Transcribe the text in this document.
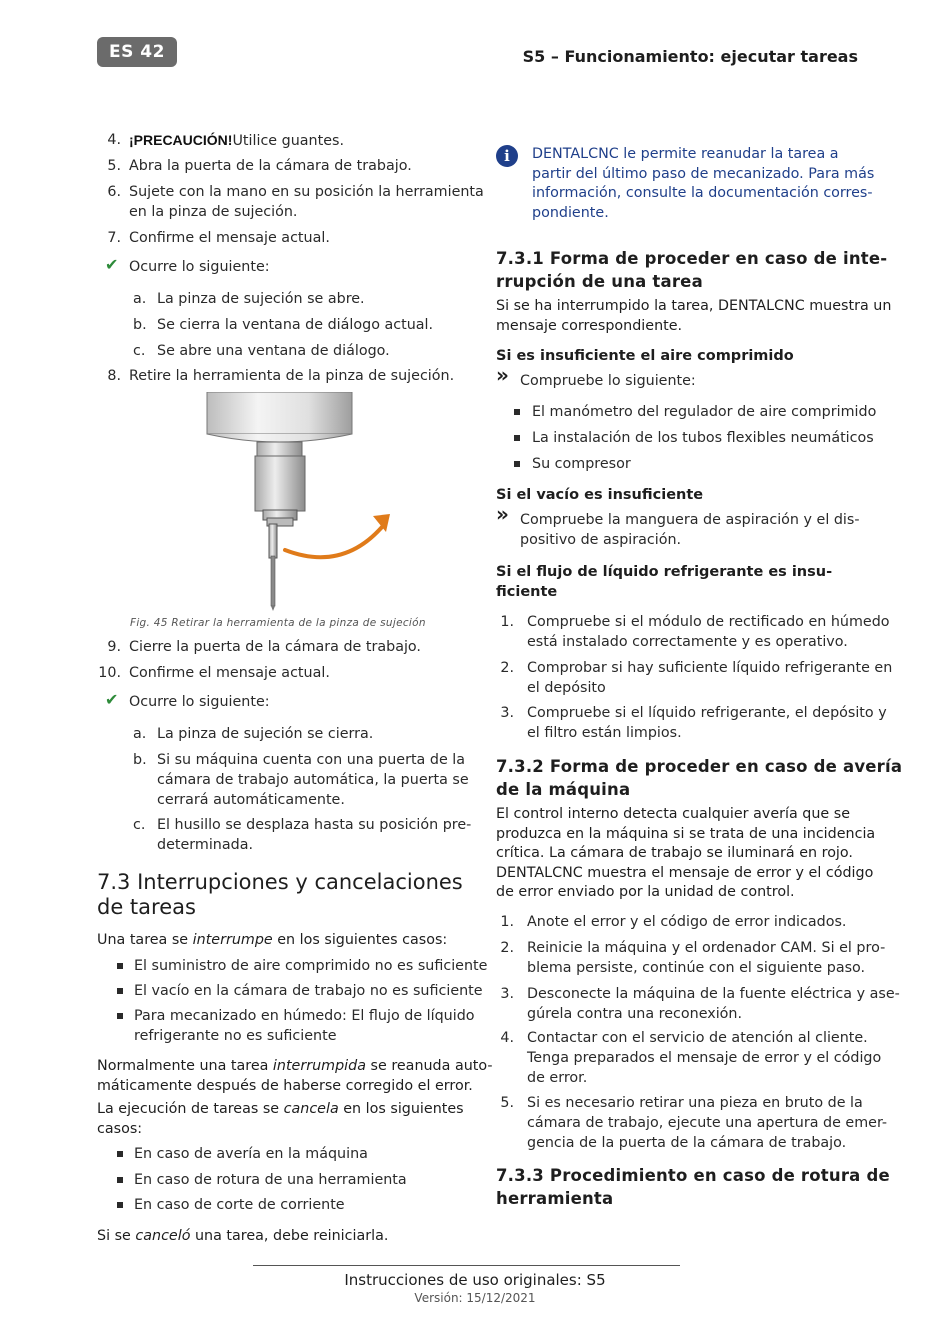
ES 42	S5 – Funcionamiento: ejecutar tareas
4. ¡PRECAUCIÓN!Utilice guantes.
5. Abra la puerta de la cámara de trabajo.
6. Sujete con la mano en su posición la herramienta
en la pinza de sujeción.
7. Confirme el mensaje actual.
✔ Ocurre lo siguiente:
a. La pinza de sujeción se abre.
b. Se cierra la ventana de diálogo actual.
c. Se abre una ventana de diálogo.
8. Retire la herramienta de la pinza de sujeción.
Fig. 45 Retirar la herramienta de la pinza de sujeción
9. Cierre la puerta de la cámara de trabajo.
10. Confirme el mensaje actual.
✔ Ocurre lo siguiente:
a. La pinza de sujeción se cierra.
b. Si su máquina cuenta con una puerta de la
cámara de trabajo automática, la puerta se
cerrará automáticamente.
c. El husillo se desplaza hasta su posición pre-
determinada.
7.3 Interrupciones y cancelaciones
de tareas
Una tarea se interrumpe en los siguientes casos:
El suministro de aire comprimido no es suficiente
El vacío en la cámara de trabajo no es suficiente
Para mecanizado en húmedo: El flujo de líquido
refrigerante no es suficiente
Normalmente una tarea interrumpida se reanuda auto-
máticamente después de haberse corregido el error.
La ejecución de tareas se cancela en los siguientes
casos:
En caso de avería en la máquina
En caso de rotura de una herramienta
En caso de corte de corriente
Si se canceló una tarea, debe reiniciarla.
i	DENTALCNC le permite reanudar la tarea a
partir del último paso de mecanizado. Para más
información, consulte la documentación corres-
pondiente.
7.3.1 Forma de proceder en caso de inte-
rrupción de una tarea
Si se ha interrumpido la tarea, DENTALCNC muestra un
mensaje correspondiente.
Si es insuficiente el aire comprimido
» Compruebe lo siguiente:
El manómetro del regulador de aire comprimido
La instalación de los tubos flexibles neumáticos
Su compresor
Si el vacío es insuficiente
» Compruebe la manguera de aspiración y el dis-
positivo de aspiración.
Si el flujo de líquido refrigerante es insu-
ficiente
1. Compruebe si el módulo de rectificado en húmedo
está instalado correctamente y es operativo.
2. Comprobar si hay suficiente líquido refrigerante en
el depósito
3. Compruebe si el líquido refrigerante, el depósito y
el filtro están limpios.
7.3.2 Forma de proceder en caso de avería
de la máquina
El control interno detecta cualquier avería que se
produzca en la máquina si se trata de una incidencia
crítica. La cámara de trabajo se iluminará en rojo.
DENTALCNC muestra el mensaje de error y el código
de error enviado por la unidad de control.
1. Anote el error y el código de error indicados.
2. Reinicie la máquina y el ordenador CAM. Si el pro-
blema persiste, continúe con el siguiente paso.
3. Desconecte la máquina de la fuente eléctrica y ase-
gúrela contra una reconexión.
4. Contactar con el servicio de atención al cliente.
Tenga preparados el mensaje de error y el código
de error.
5. Si es necesario retirar una pieza en bruto de la
cámara de trabajo, ejecute una apertura de emer-
gencia de la puerta de la cámara de trabajo.
7.3.3 Procedimiento en caso de rotura de
herramienta
Instrucciones de uso originales: S5
Versión: 15/12/2021
